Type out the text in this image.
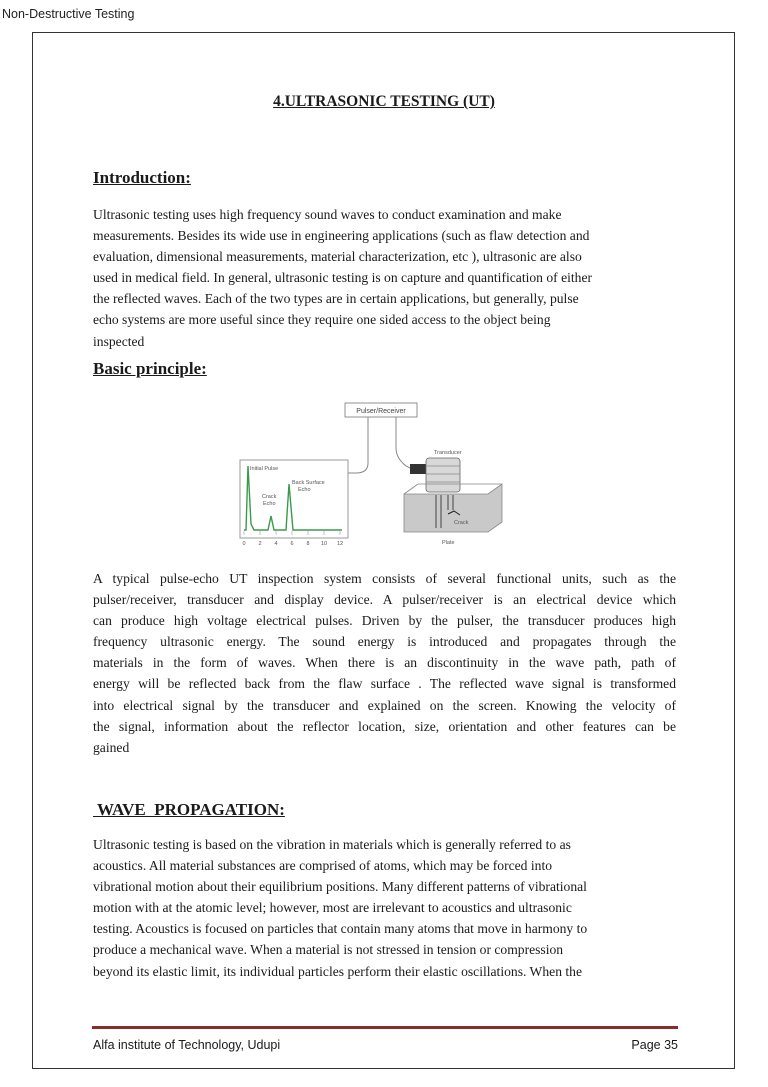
Non-Destructive Testing
4.ULTRASONIC TESTING (UT)
Introduction:

Ultrasonic testing uses high frequency sound waves to conduct examination and make
measurements. Besides its wide use in engineering applications (such as flaw detection and
evaluation, dimensional measurements, material characterization, etc ), ultrasonic are also
used in medical field. In general, ultrasonic testing is on capture and quantification of either
the reflected waves. Each of the two types are in certain applications, but generally, pulse
echo systems are more useful since they require one sided access to the object being
inspected

Basic principle:
Pulser/Receiver
Initial Pulse
Back Surface
Echo
Crack
Echo
0 2 4 6 8 10 12
Transducer
Crack
Plate

A typical pulse-echo UT inspection system consists of several functional units, such as the
pulser/receiver, transducer and display device. A pulser/receiver is an electrical device which
can produce high voltage electrical pulses. Driven by the pulser, the transducer produces high
frequency ultrasonic energy. The sound energy is introduced and propagates through the
materials in the form of waves. When there is an discontinuity in the wave path, path of
energy will be reflected back from the flaw surface . The reflected wave signal is transformed
into electrical signal by the transducer and explained on the screen. Knowing the velocity of
the signal, information about the reflector location, size, orientation and other features can be
gained

WAVE  PROPAGATION:

Ultrasonic testing is based on the vibration in materials which is generally referred to as
acoustics. All material substances are comprised of atoms, which may be forced into
vibrational motion about their equilibrium positions. Many different patterns of vibrational
motion with at the atomic level; however, most are irrelevant to acoustics and ultrasonic
testing. Acoustics is focused on particles that contain many atoms that move in harmony to
produce a mechanical wave. When a material is not stressed in tension or compression
beyond its elastic limit, its individual particles perform their elastic oscillations. When the

Alfa institute of Technology, Udupi	Page 35
